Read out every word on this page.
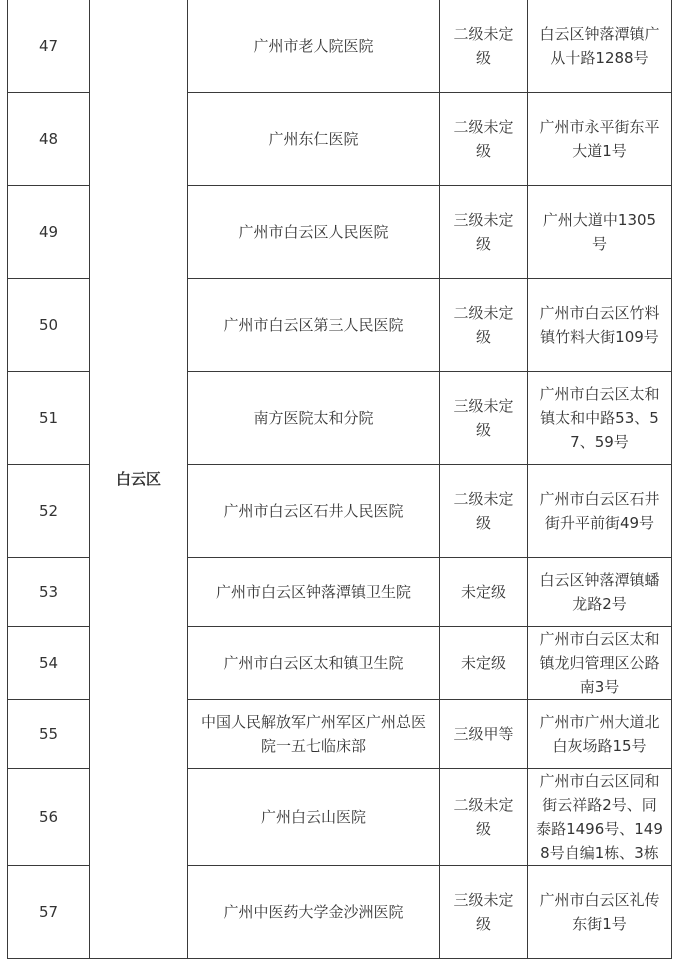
47	白云区	广州市老人院医院	二级未定级	白云区钟落潭镇广从十路1288号
48		广州东仁医院	二级未定级	广州市永平街东平大道1号
49		广州市白云区人民医院	三级未定级	广州大道中1305号
50		广州市白云区第三人民医院	二级未定级	广州市白云区竹料镇竹料大街109号
51		南方医院太和分院	三级未定级	广州市白云区太和镇太和中路53、57、59号
52		广州市白云区石井人民医院	二级未定级	广州市白云区石井街升平前街49号
53		广州市白云区钟落潭镇卫生院	未定级	白云区钟落潭镇蟠龙路2号
54		广州市白云区太和镇卫生院	未定级	广州市白云区太和镇龙归管理区公路南3号
55		中国人民解放军广州军区广州总医院一五七临床部	三级甲等	广州市广州大道北白灰场路15号
56		广州白云山医院	二级未定级	广州市白云区同和街云祥路2号、同泰路1496号、1498号自编1栋、3栋
57		广州中医药大学金沙洲医院	三级未定级	广州市白云区礼传东街1号
